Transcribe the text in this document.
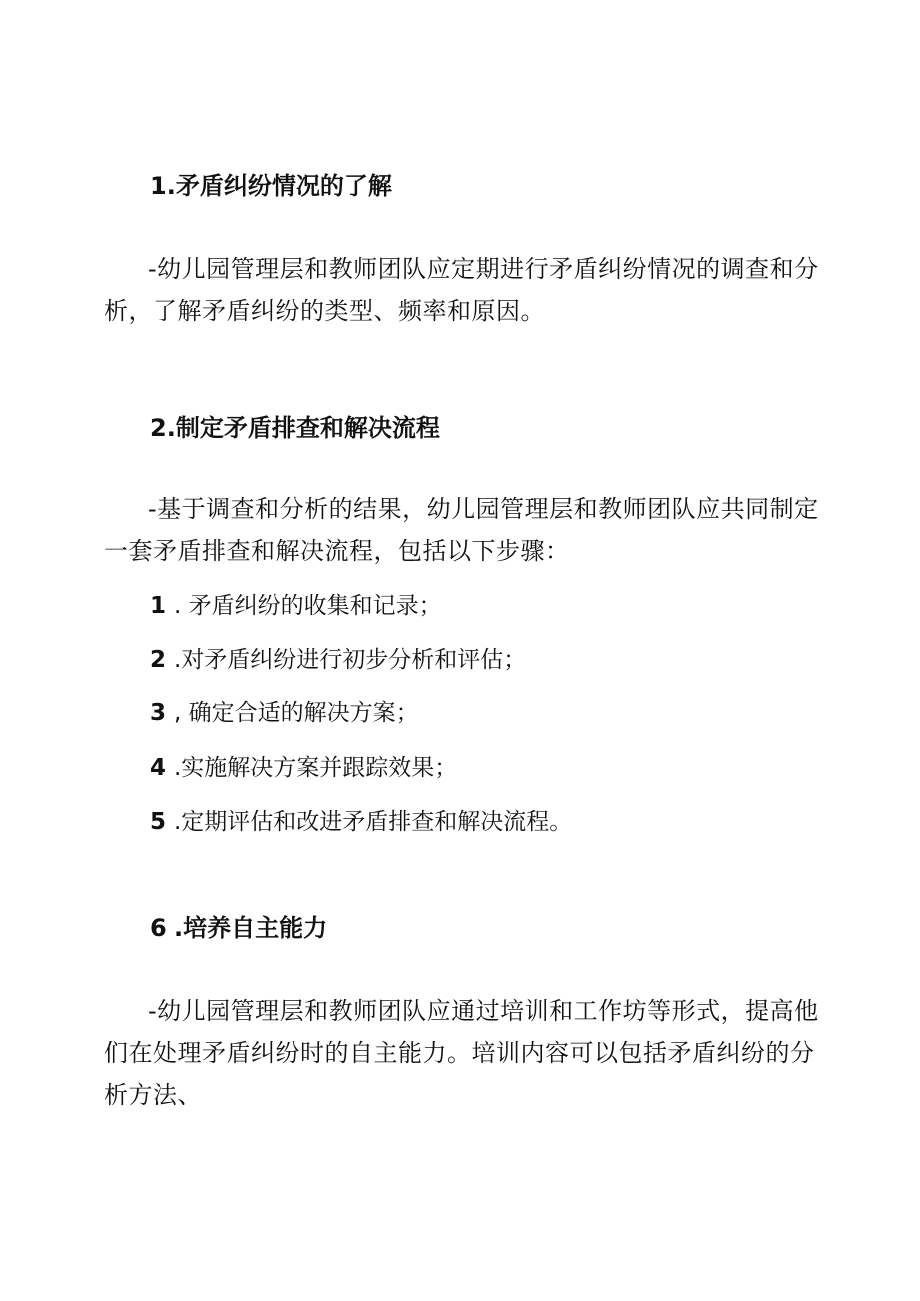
1.矛盾纠纷情况的了解
-幼儿园管理层和教师团队应定期进行矛盾纠纷情况的调查和分析，了解矛盾纠纷的类型、频率和原因。
2.制定矛盾排查和解决流程
-基于调查和分析的结果，幼儿园管理层和教师团队应共同制定一套矛盾排查和解决流程，包括以下步骤：
1 . 矛盾纠纷的收集和记录；
2 .对矛盾纠纷进行初步分析和评估；
3 , 确定合适的解决方案；
4 .实施解决方案并跟踪效果；
5 .定期评估和改进矛盾排查和解决流程。
6 .培养自主能力
-幼儿园管理层和教师团队应通过培训和工作坊等形式，提高他们在处理矛盾纠纷时的自主能力。培训内容可以包括矛盾纠纷的分析方法、
